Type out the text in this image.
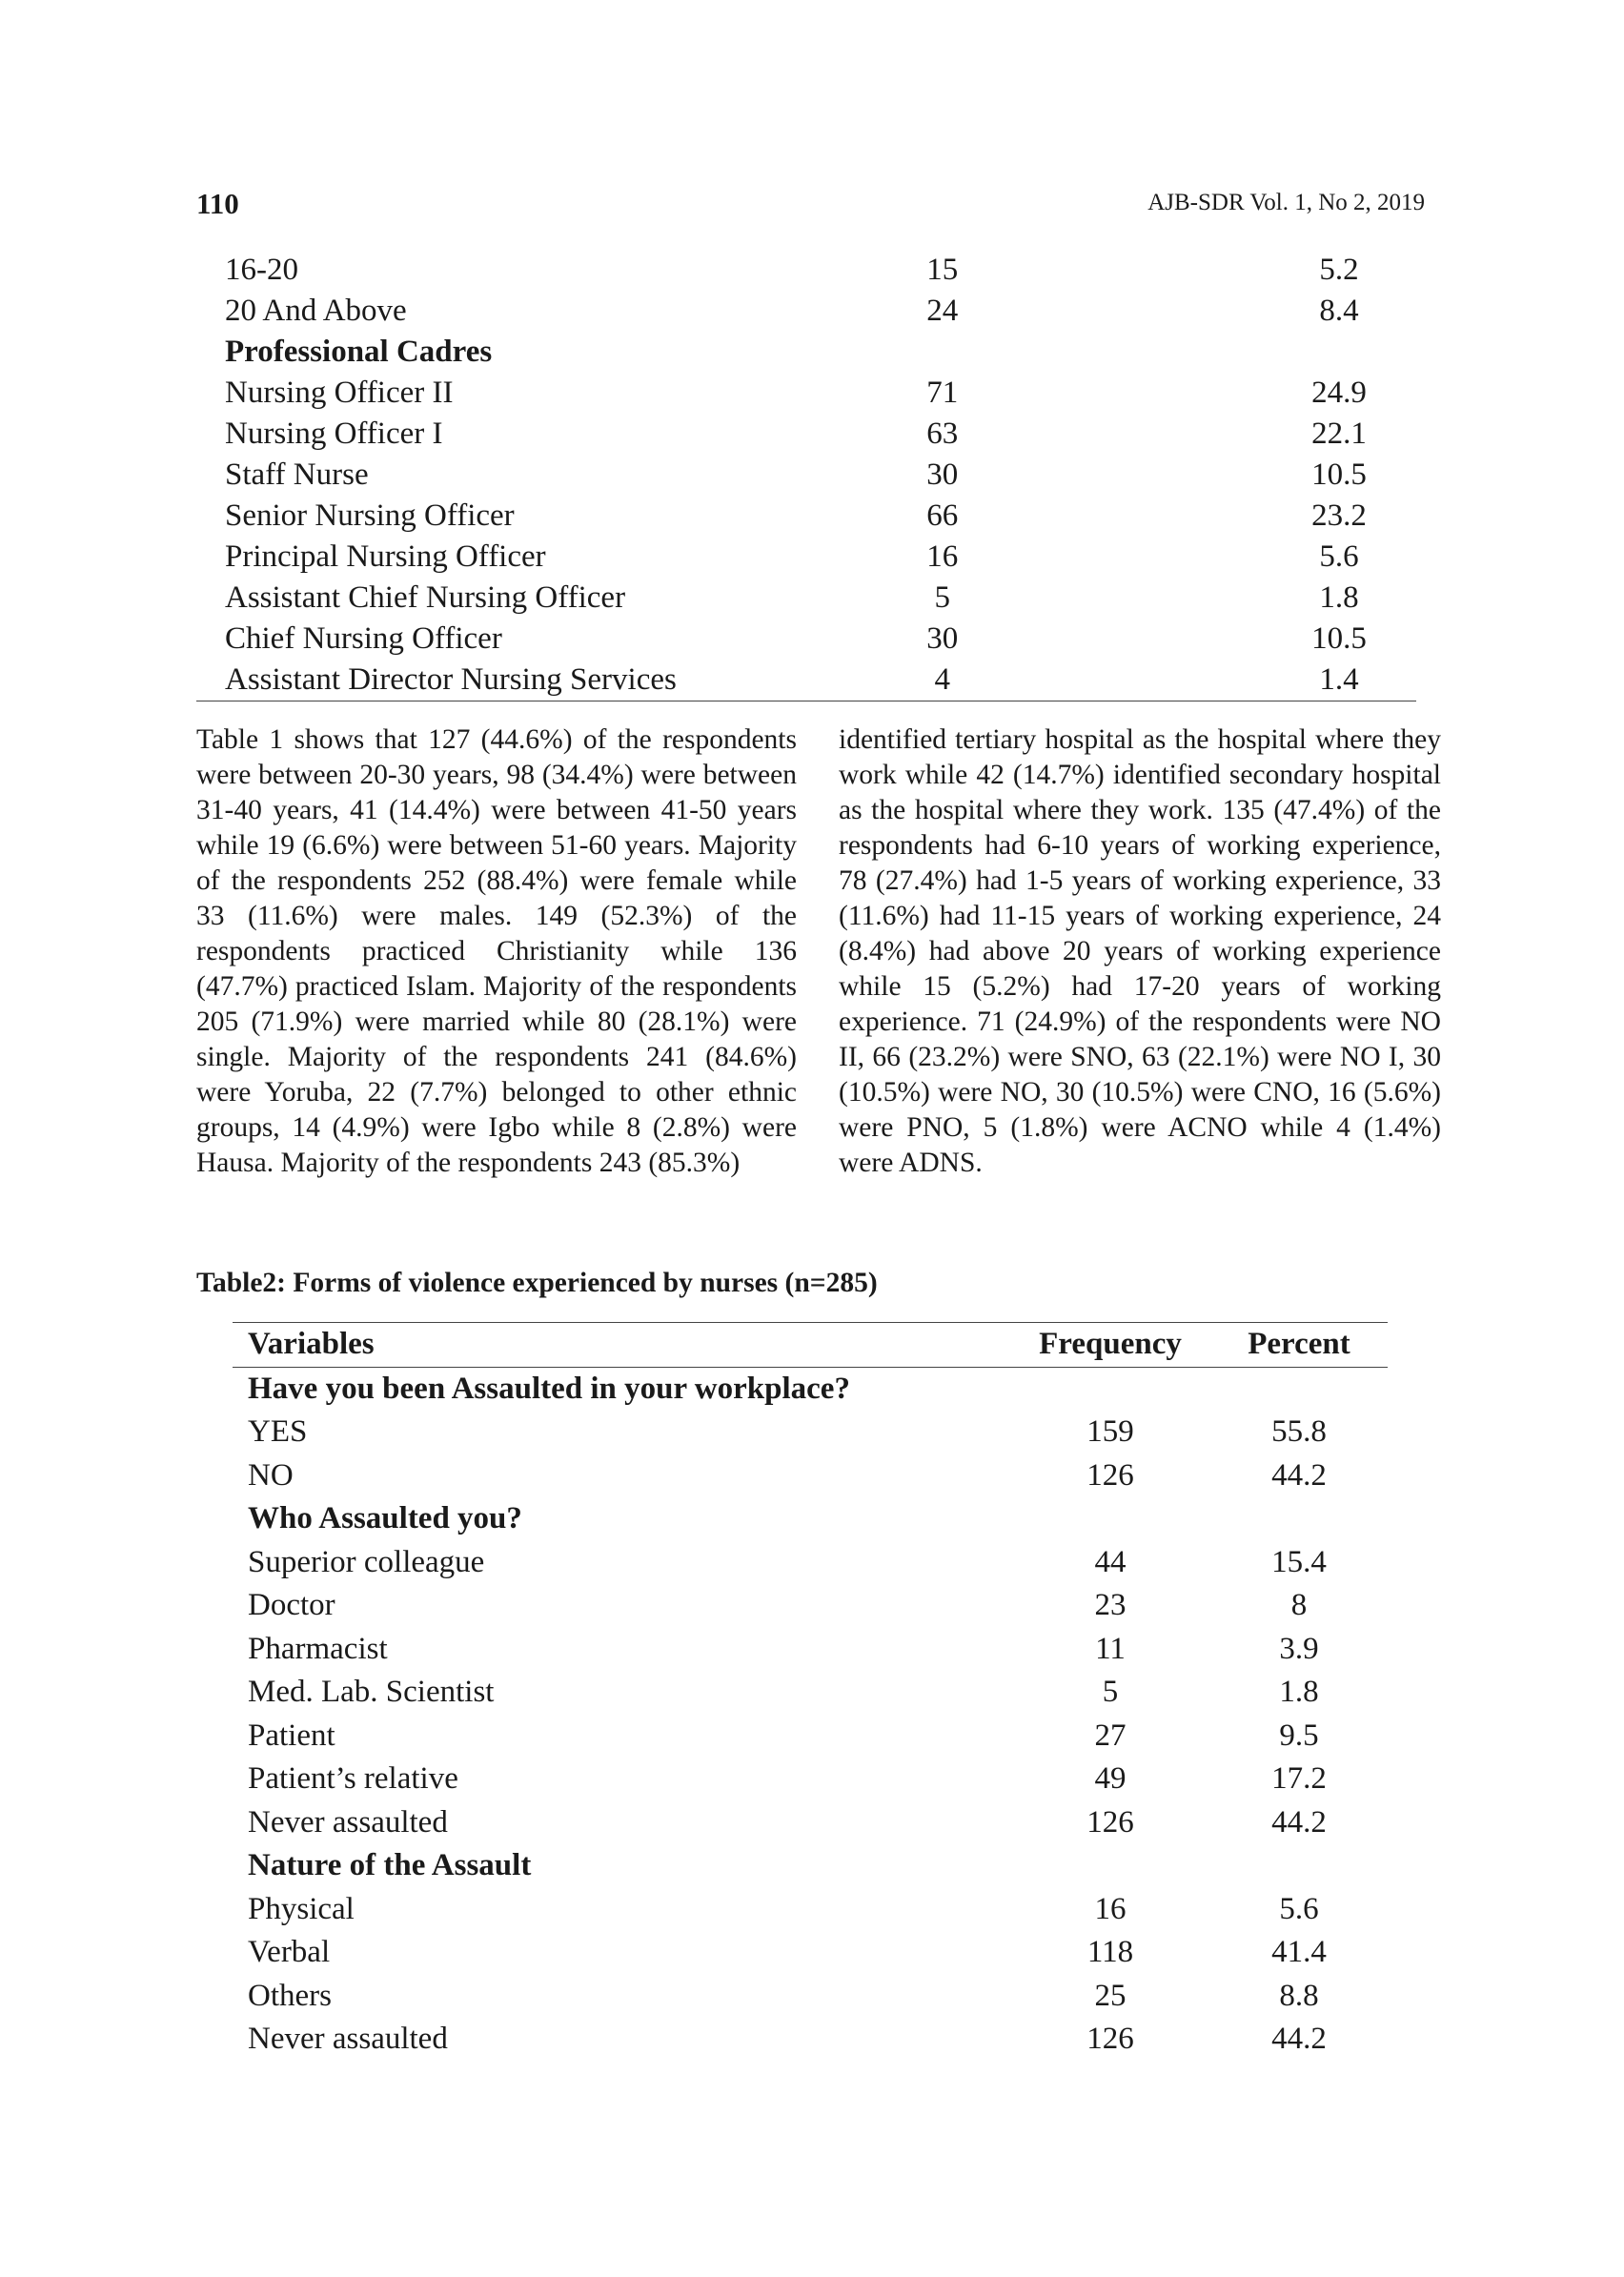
110	AJB-SDR Vol. 1, No 2, 2019
16-20	15	5.2
20 And Above	24	8.4
Professional Cadres		
Nursing Officer II	71	24.9
Nursing Officer I	63	22.1
Staff Nurse	30	10.5
Senior Nursing Officer	66	23.2
Principal Nursing Officer	16	5.6
Assistant Chief Nursing Officer	5	1.8
Chief Nursing Officer	30	10.5
Assistant Director Nursing Services	4	1.4
Table 1 shows that 127 (44.6%) of the respondents were between 20-30 years, 98 (34.4%) were between 31-40 years, 41 (14.4%) were between 41-50 years while 19 (6.6%) were between 51-60 years. Majority of the respondents 252 (88.4%) were female while 33 (11.6%) were males. 149 (52.3%) of the respondents practiced Christianity while 136 (47.7%) practiced Islam. Majority of the respondents 205 (71.9%) were married while 80 (28.1%) were single. Majority of the respondents 241 (84.6%) were Yoruba, 22 (7.7%) belonged to other ethnic groups, 14 (4.9%) were Igbo while 8 (2.8%) were Hausa. Majority of the respondents 243 (85.3%)
identified tertiary hospital as the hospital where they work while 42 (14.7%) identified secondary hospital as the hospital where they work. 135 (47.4%) of the respondents had 6-10 years of working experience, 78 (27.4%) had 1-5 years of working experience, 33 (11.6%) had 11-15 years of working experience, 24 (8.4%) had above 20 years of working experience while 15 (5.2%) had 17-20 years of working experience. 71 (24.9%) of the respondents were NO II, 66 (23.2%) were SNO, 63 (22.1%) were NO I, 30 (10.5%) were NO, 30 (10.5%) were CNO, 16 (5.6%) were PNO, 5 (1.8%) were ACNO while 4 (1.4%) were ADNS.
Table2: Forms of violence experienced by nurses (n=285)
Variables	Frequency	Percent
Have you been Assaulted in your workplace?		
YES	159	55.8
NO	126	44.2
Who Assaulted you?		
Superior colleague	44	15.4
Doctor	23	8
Pharmacist	11	3.9
Med. Lab. Scientist	5	1.8
Patient	27	9.5
Patient’s relative	49	17.2
Never assaulted	126	44.2
Nature of the Assault		
Physical	16	5.6
Verbal	118	41.4
Others	25	8.8
Never assaulted	126	44.2
